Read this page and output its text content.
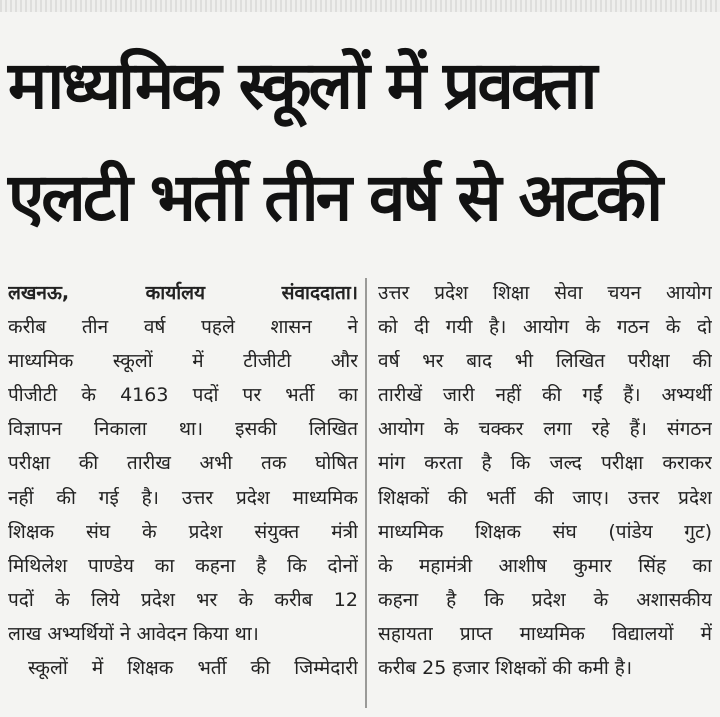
माध्यमिक स्कूलों में प्रवक्ता
एलटी भर्ती तीन वर्ष से अटकी
लखनऊ, कार्यालय संवाददाता।
करीब तीन वर्ष पहले शासन ने
माध्यमिक स्कूलों में टीजीटी और
पीजीटी के 4163 पदों पर भर्ती का
विज्ञापन निकाला था। इसकी लिखित
परीक्षा की तारीख अभी तक घोषित
नहीं की गई है। उत्तर प्रदेश माध्यमिक
शिक्षक संघ के प्रदेश संयुक्त मंत्री
मिथिलेश पाण्डेय का कहना है कि दोनों
पदों के लिये प्रदेश भर के करीब 12
लाख अभ्यर्थियों ने आवेदन किया था।
स्कूलों में शिक्षक भर्ती की जिम्मेदारी
उत्तर प्रदेश शिक्षा सेवा चयन आयोग
को दी गयी है। आयोग के गठन के दो
वर्ष भर बाद भी लिखित परीक्षा की
तारीखें जारी नहीं की गईं हैं। अभ्यर्थी
आयोग के चक्कर लगा रहे हैं। संगठन
मांग करता है कि जल्द परीक्षा कराकर
शिक्षकों की भर्ती की जाए। उत्तर प्रदेश
माध्यमिक शिक्षक संघ (पांडेय गुट)
के महामंत्री आशीष कुमार सिंह का
कहना है कि प्रदेश के अशासकीय
सहायता प्राप्त माध्यमिक विद्यालयों में
करीब 25 हजार शिक्षकों की कमी है।
